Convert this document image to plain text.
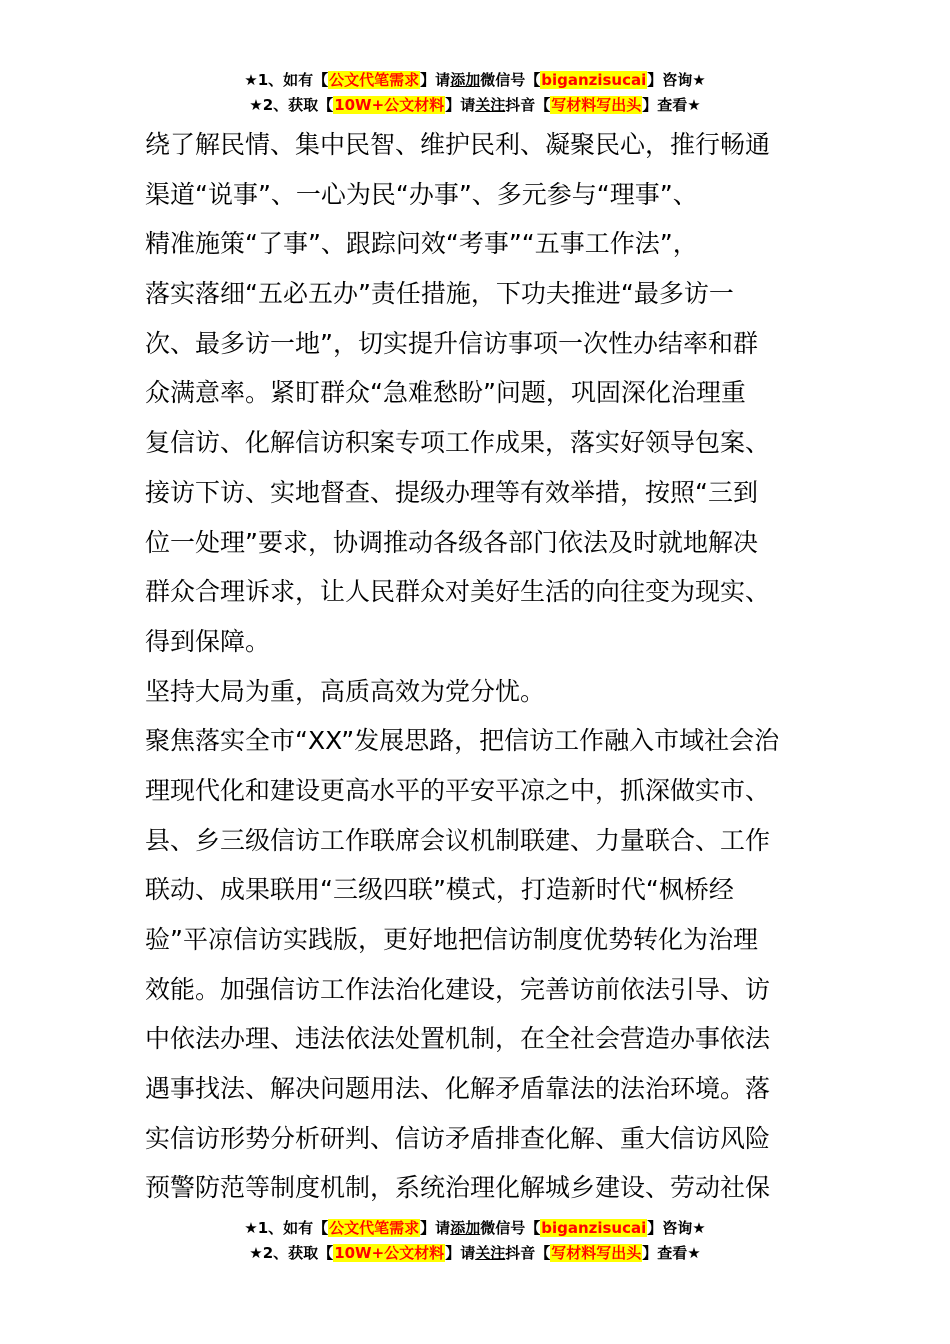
★1、如有【公文代笔需求】请添加微信号【biganzisucai】咨询★
★2、获取【10W+公文材料】请关注抖音【写材料写出头】查看★
绕了解民情、集中民智、维护民利、凝聚民心，推行畅通
渠道“说事”、一心为民“办事”、多元参与“理事”、
精准施策“了事”、跟踪问效“考事”“五事工作法”，
落实落细“五必五办”责任措施，下功夫推进“最多访一
次、最多访一地”，切实提升信访事项一次性办结率和群
众满意率。紧盯群众“急难愁盼”问题，巩固深化治理重
复信访、化解信访积案专项工作成果，落实好领导包案、
接访下访、实地督查、提级办理等有效举措，按照“三到
位一处理”要求，协调推动各级各部门依法及时就地解决
群众合理诉求，让人民群众对美好生活的向往变为现实、
得到保障。
坚持大局为重，高质高效为党分忧。
聚焦落实全市“XX”发展思路，把信访工作融入市域社会治
理现代化和建设更高水平的平安平凉之中，抓深做实市、
县、乡三级信访工作联席会议机制联建、力量联合、工作
联动、成果联用“三级四联”模式，打造新时代“枫桥经
验”平凉信访实践版，更好地把信访制度优势转化为治理
效能。加强信访工作法治化建设，完善访前依法引导、访
中依法办理、违法依法处置机制，在全社会营造办事依法
遇事找法、解决问题用法、化解矛盾靠法的法治环境。落
实信访形势分析研判、信访矛盾排查化解、重大信访风险
预警防范等制度机制，系统治理化解城乡建设、劳动社保
★1、如有【公文代笔需求】请添加微信号【biganzisucai】咨询★
★2、获取【10W+公文材料】请关注抖音【写材料写出头】查看★
